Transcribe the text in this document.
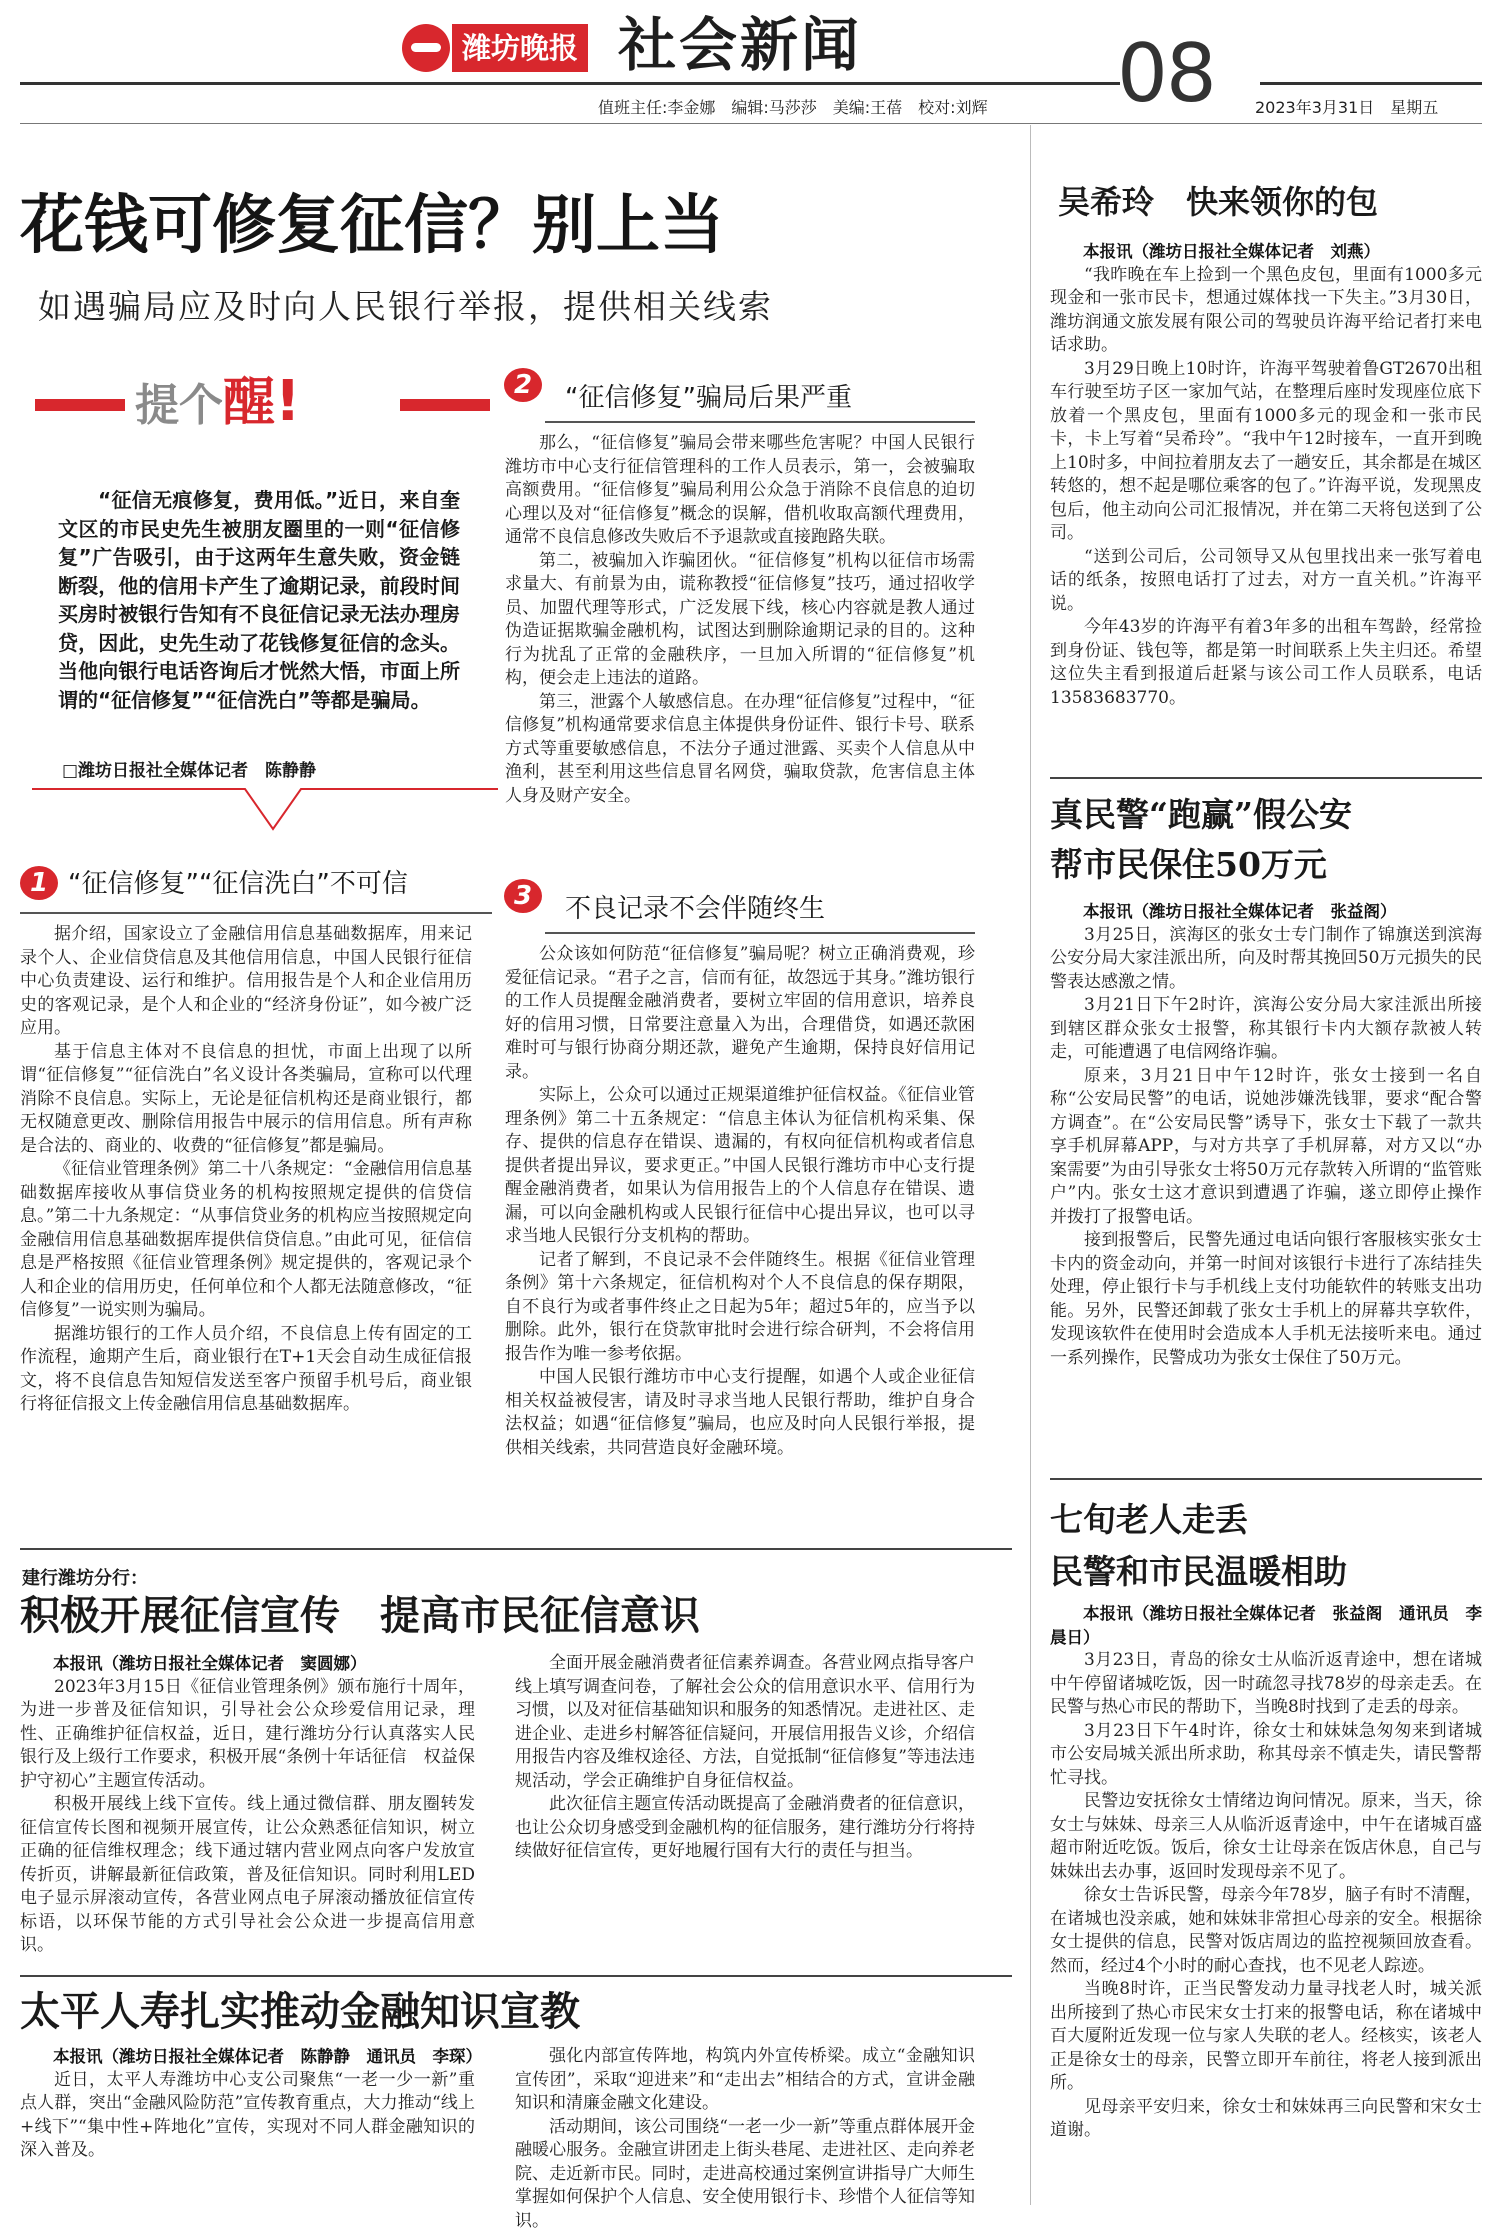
潍坊晚报 社会新闻	08
值班主任:李金娜　编辑:马莎莎　美编:王蓓　校对:刘辉	2023年3月31日　星期五
花钱可修复征信？别上当
如遇骗局应及时向人民银行举报，提供相关线索
提个醒!
“征信无痕修复，费用低。”近日，来自奎文区的市民史先生被朋友圈里的一则“征信修复”广告吸引，由于这两年生意失败，资金链断裂，他的信用卡产生了逾期记录，前段时间买房时被银行告知有不良征信记录无法办理房贷，因此，史先生动了花钱修复征信的念头。当他向银行电话咨询后才恍然大悟，市面上所谓的“征信修复”“征信洗白”等都是骗局。
□潍坊日报社全媒体记者　陈静静
1 “征信修复”“征信洗白”不可信

据介绍，国家设立了金融信用信息基础数据库，用来记录个人、企业信贷信息及其他信用信息，中国人民银行征信中心负责建设、运行和维护。信用报告是个人和企业信用历史的客观记录，是个人和企业的“经济身份证”，如今被广泛应用。

基于信息主体对不良信息的担忧，市面上出现了以所谓“征信修复”“征信洗白”名义设计各类骗局，宣称可以代理消除不良信息。实际上，无论是征信机构还是商业银行，都无权随意更改、删除信用报告中展示的信用信息。所有声称是合法的、商业的、收费的“征信修复”都是骗局。

《征信业管理条例》第二十八条规定：“金融信用信息基础数据库接收从事信贷业务的机构按照规定提供的信贷信息。”第二十九条规定：“从事信贷业务的机构应当按照规定向金融信用信息基础数据库提供信贷信息。”由此可见，征信信息是严格按照《征信业管理条例》规定提供的，客观记录个人和企业的信用历史，任何单位和个人都无法随意修改，“征信修复”一说实则为骗局。

据潍坊银行的工作人员介绍，不良信息上传有固定的工作流程，逾期产生后，商业银行在T+1天会自动生成征信报文，将不良信息告知短信发送至客户预留手机号后，商业银行将征信报文上传金融信用信息基础数据库。

2	“征信修复”骗局后果严重

那么，“征信修复”骗局会带来哪些危害呢？中国人民银行潍坊市中心支行征信管理科的工作人员表示，第一，会被骗取高额费用。“征信修复”骗局利用公众急于消除不良信息的迫切心理以及对“征信修复”概念的误解，借机收取高额代理费用，通常不良信息修改失败后不予退款或直接跑路失联。

第二，被骗加入诈骗团伙。“征信修复”机构以征信市场需求量大、有前景为由，谎称教授“征信修复”技巧，通过招收学员、加盟代理等形式，广泛发展下线，核心内容就是教人通过伪造证据欺骗金融机构，试图达到删除逾期记录的目的。这种行为扰乱了正常的金融秩序，一旦加入所谓的“征信修复”机构，便会走上违法的道路。

第三，泄露个人敏感信息。在办理“征信修复”过程中，“征信修复”机构通常要求信息主体提供身份证件、银行卡号、联系方式等重要敏感信息，不法分子通过泄露、买卖个人信息从中渔利，甚至利用这些信息冒名网贷，骗取贷款，危害信息主体人身及财产安全。

3	不良记录不会伴随终生

公众该如何防范“征信修复”骗局呢？树立正确消费观，珍爱征信记录。“君子之言，信而有征，故怨远于其身。”潍坊银行的工作人员提醒金融消费者，要树立牢固的信用意识，培养良好的信用习惯，日常要注意量入为出，合理借贷，如遇还款困难时可与银行协商分期还款，避免产生逾期，保持良好信用记录。

实际上，公众可以通过正规渠道维护征信权益。《征信业管理条例》第二十五条规定：“信息主体认为征信机构采集、保存、提供的信息存在错误、遗漏的，有权向征信机构或者信息提供者提出异议，要求更正。”中国人民银行潍坊市中心支行提醒金融消费者，如果认为信用报告上的个人信息存在错误、遗漏，可以向金融机构或人民银行征信中心提出异议，也可以寻求当地人民银行分支机构的帮助。

记者了解到，不良记录不会伴随终生。根据《征信业管理条例》第十六条规定，征信机构对个人不良信息的保存期限，自不良行为或者事件终止之日起为5年；超过5年的，应当予以删除。此外，银行在贷款审批时会进行综合研判，不会将信用报告作为唯一参考依据。

中国人民银行潍坊市中心支行提醒，如遇个人或企业征信相关权益被侵害，请及时寻求当地人民银行帮助，维护自身合法权益；如遇“征信修复”骗局，也应及时向人民银行举报，提供相关线索，共同营造良好金融环境。

建行潍坊分行：
积极开展征信宣传　提高市民征信意识
本报讯（潍坊日报社全媒体记者　窦圆娜）

2023年3月15日《征信业管理条例》颁布施行十周年，为进一步普及征信知识，引导社会公众珍爱信用记录，理性、正确维护征信权益，近日，建行潍坊分行认真落实人民银行及上级行工作要求，积极开展“条例十年话征信　权益保护守初心”主题宣传活动。

积极开展线上线下宣传。线上通过微信群、朋友圈转发征信宣传长图和视频开展宣传，让公众熟悉征信知识，树立正确的征信维权理念；线下通过辖内营业网点向客户发放宣传折页，讲解最新征信政策，普及征信知识。同时利用LED电子显示屏滚动宣传，各营业网点电子屏滚动播放征信宣传标语，以环保节能的方式引导社会公众进一步提高信用意识。

全面开展金融消费者征信素养调查。各营业网点指导客户线上填写调查问卷，了解社会公众的信用意识水平、信用行为习惯，以及对征信基础知识和服务的知悉情况。走进社区、走进企业、走进乡村解答征信疑问，开展信用报告义诊，介绍信用报告内容及维权途径、方法，自觉抵制“征信修复”等违法违规活动，学会正确维护自身征信权益。

此次征信主题宣传活动既提高了金融消费者的征信意识，也让公众切身感受到金融机构的征信服务，建行潍坊分行将持续做好征信宣传，更好地履行国有大行的责任与担当。

太平人寿扎实推动金融知识宣教
本报讯（潍坊日报社全媒体记者　陈静静　通讯员　李琛）

近日，太平人寿潍坊中心支公司聚焦“一老一少一新”重点人群，突出“金融风险防范”宣传教育重点，大力推动“线上+线下”“集中性+阵地化”宣传，实现对不同人群金融知识的深入普及。

强化内部宣传阵地，构筑内外宣传桥梁。成立“金融知识宣传团”，采取“迎进来”和“走出去”相结合的方式，宣讲金融知识和清廉金融文化建设。

活动期间，该公司围绕“一老一少一新”等重点群体展开金融暖心服务。金融宣讲团走上街头巷尾、走进社区、走向养老院、走近新市民。同时，走进高校通过案例宣讲指导广大师生掌握如何保护个人信息、安全使用银行卡、珍惜个人征信等知识。

吴希玲　快来领你的包
本报讯（潍坊日报社全媒体记者　刘燕）

“我昨晚在车上捡到一个黑色皮包，里面有1000多元现金和一张市民卡，想通过媒体找一下失主。”3月30日，潍坊润通文旅发展有限公司的驾驶员许海平给记者打来电话求助。

3月29日晚上10时许，许海平驾驶着鲁GT2670出租车行驶至坊子区一家加气站，在整理后座时发现座位底下放着一个黑皮包，里面有1000多元的现金和一张市民卡，卡上写着“吴希玲”。“我中午12时接车，一直开到晚上10时多，中间拉着朋友去了一趟安丘，其余都是在城区转悠的，想不起是哪位乘客的包了。”许海平说，发现黑皮包后，他主动向公司汇报情况，并在第二天将包送到了公司。

“送到公司后，公司领导又从包里找出来一张写着电话的纸条，按照电话打了过去，对方一直关机。”许海平说。

今年43岁的许海平有着3年多的出租车驾龄，经常捡到身份证、钱包等，都是第一时间联系上失主归还。希望这位失主看到报道后赶紧与该公司工作人员联系，电话13583683770。

真民警“跑赢”假公安
帮市民保住50万元
本报讯（潍坊日报社全媒体记者　张益阁）

3月25日，滨海区的张女士专门制作了锦旗送到滨海公安分局大家洼派出所，向及时帮其挽回50万元损失的民警表达感激之情。

3月21日下午2时许，滨海公安分局大家洼派出所接到辖区群众张女士报警，称其银行卡内大额存款被人转走，可能遭遇了电信网络诈骗。

原来，3月21日中午12时许，张女士接到一名自称“公安局民警”的电话，说她涉嫌洗钱罪，要求“配合警方调查”。在“公安局民警”诱导下，张女士下载了一款共享手机屏幕APP，与对方共享了手机屏幕，对方又以“办案需要”为由引导张女士将50万元存款转入所谓的“监管账户”内。张女士这才意识到遭遇了诈骗，遂立即停止操作并拨打了报警电话。

接到报警后，民警先通过电话向银行客服核实张女士卡内的资金动向，并第一时间对该银行卡进行了冻结挂失处理，停止银行卡与手机线上支付功能软件的转账支出功能。另外，民警还卸载了张女士手机上的屏幕共享软件，发现该软件在使用时会造成本人手机无法接听来电。通过一系列操作，民警成功为张女士保住了50万元。

七旬老人走丢
民警和市民温暖相助
本报讯（潍坊日报社全媒体记者　张益阁　通讯员　李晨日）

3月23日，青岛的徐女士从临沂返青途中，想在诸城中午停留诸城吃饭，因一时疏忽寻找78岁的母亲走丢。在民警与热心市民的帮助下，当晚8时找到了走丢的母亲。

3月23日下午4时许，徐女士和妹妹急匆匆来到诸城市公安局城关派出所求助，称其母亲不慎走失，请民警帮忙寻找。

民警边安抚徐女士情绪边询问情况。原来，当天，徐女士与妹妹、母亲三人从临沂返青途中，中午在诸城百盛超市附近吃饭。饭后，徐女士让母亲在饭店休息，自己与妹妹出去办事，返回时发现母亲不见了。

徐女士告诉民警，母亲今年78岁，脑子有时不清醒，在诸城也没亲戚，她和妹妹非常担心母亲的安全。根据徐女士提供的信息，民警对饭店周边的监控视频回放查看。然而，经过4个小时的耐心查找，也不见老人踪迹。

当晚8时许，正当民警发动力量寻找老人时，城关派出所接到了热心市民宋女士打来的报警电话，称在诸城中百大厦附近发现一位与家人失联的老人。经核实，该老人正是徐女士的母亲，民警立即开车前往，将老人接到派出所。

见母亲平安归来，徐女士和妹妹再三向民警和宋女士道谢。
